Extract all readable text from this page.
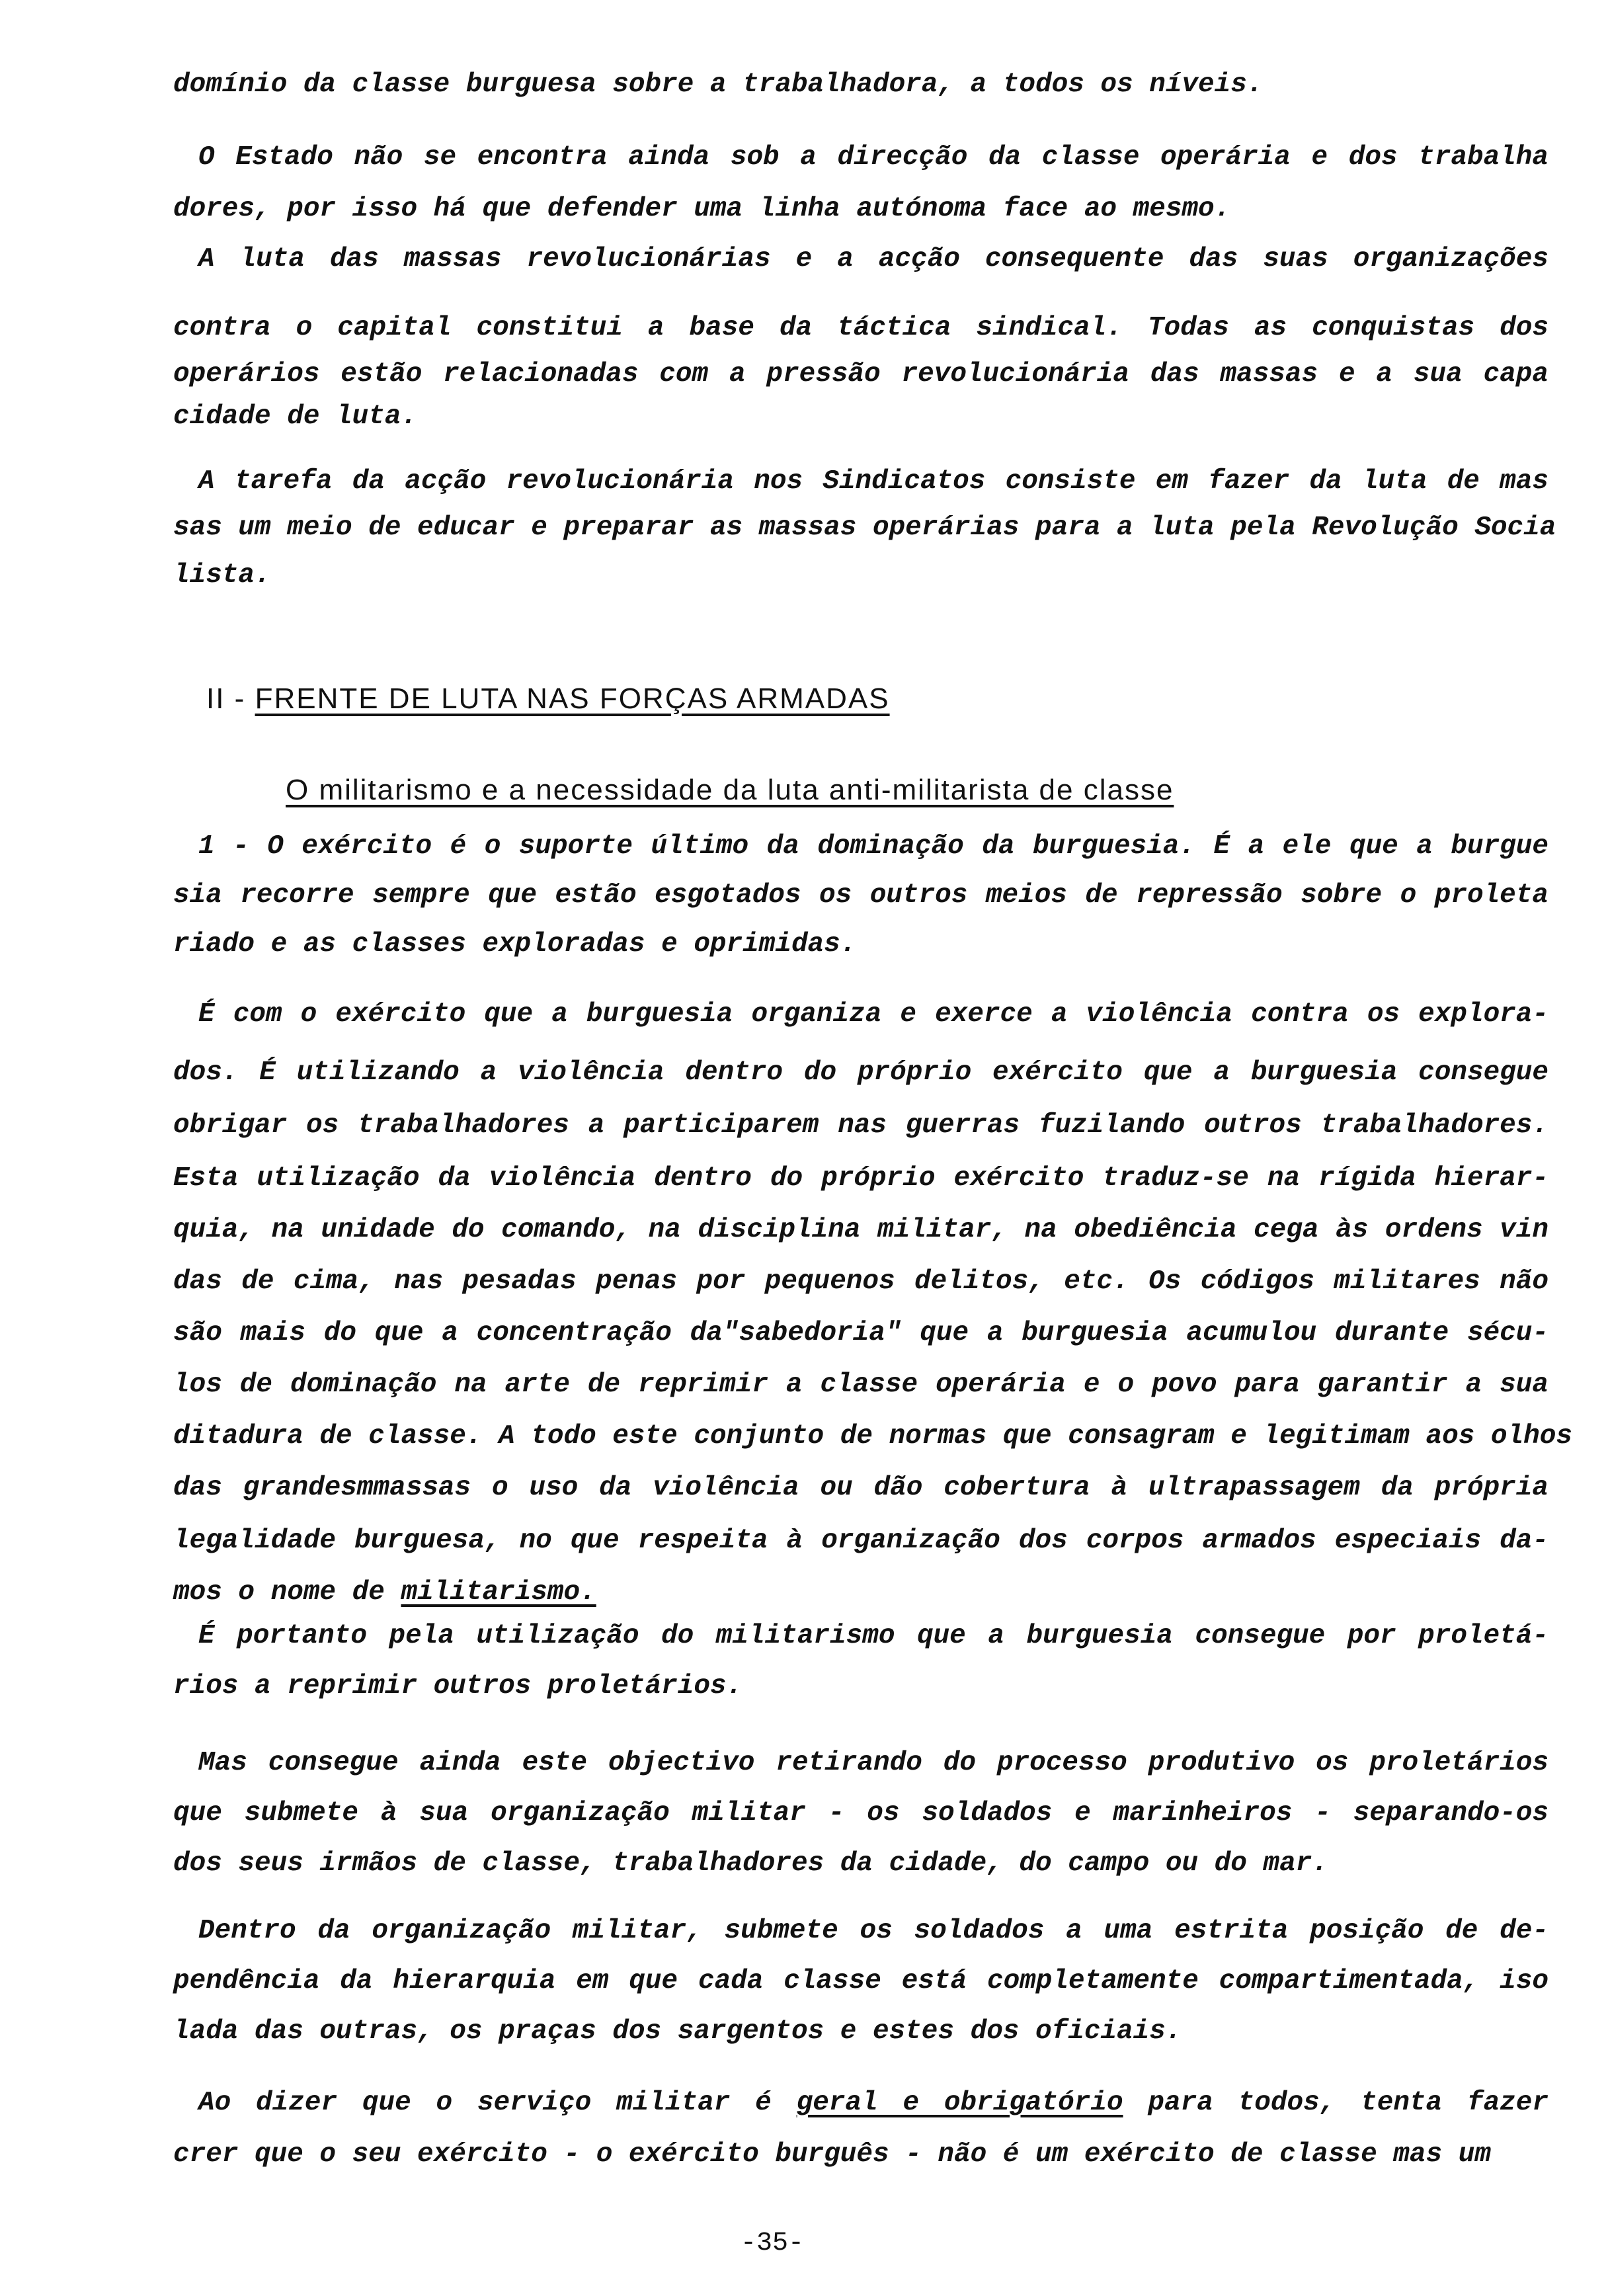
domínio da classe burguesa sobre a trabalhadora, a todos os níveis.
O Estado não se encontra ainda sob a direcção da classe operária e dos trabalha
dores, por isso há que defender uma linha autónoma face ao mesmo.
A luta das massas revolucionárias e a acção consequente das suas organizações
contra o capital constitui a base da táctica sindical. Todas as conquistas dos
operários estão relacionadas com a pressão revolucionária das massas e a sua capa
cidade de luta.
A tarefa da acção revolucionária nos Sindicatos consiste em fazer da luta de mas
sas um meio de educar e preparar as massas operárias para a luta pela Revolução Socia
lista.
1 - O exército é o suporte último da dominação da burguesia. É a ele que a burgue
sia recorre sempre que estão esgotados os outros meios de repressão sobre o proleta
riado e as classes exploradas e oprimidas.
É com o exército que a burguesia organiza e exerce a violência contra os explora-
dos. É utilizando a violência dentro do próprio exército que a burguesia consegue
obrigar os trabalhadores a participarem nas guerras fuzilando outros trabalhadores.
Esta utilização da violência dentro do próprio exército traduz-se na rígida hierar-
quia, na unidade do comando, na disciplina militar, na obediência cega às ordens vin
das de cima, nas pesadas penas por pequenos delitos, etc. Os códigos militares não
são mais do que a concentração da"sabedoria" que a burguesia acumulou durante sécu-
los de dominação na arte de reprimir a classe operária e o povo para garantir a sua
ditadura de classe. A todo este conjunto de normas que consagram e legitimam aos olhos
das grandesmmassas o uso da violência ou dão cobertura à ultrapassagem da própria
legalidade burguesa, no que respeita à organização dos corpos armados especiais da-
mos o nome de militarismo.
É portanto pela utilização do militarismo que a burguesia consegue por proletá-
rios a reprimir outros proletários.
Mas consegue ainda este objectivo retirando do processo produtivo os proletários
que submete à sua organização militar - os soldados e marinheiros - separando-os
dos seus irmãos de classe, trabalhadores da cidade, do campo ou do mar.
Dentro da organização militar, submete os soldados a uma estrita posição de de-
pendência da hierarquia em que cada classe está completamente compartimentada, iso
lada das outras, os praças dos sargentos e estes dos oficiais.
Ao dizer que o serviço militar é geral e obrigatório para todos, tenta fazer
crer que o seu exército - o exército burguês - não é um exército de classe mas um
II - FRENTE DE LUTA NAS FORÇAS ARMADAS
O militarismo e a necessidade da luta anti-militarista de classe
-35-
